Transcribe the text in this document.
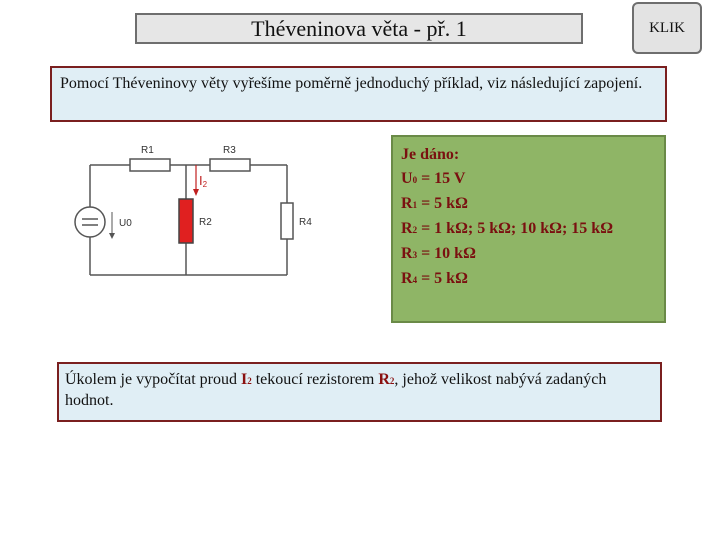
Théveninova věta - př. 1	KLIK
Pomocí Théveninovy věty vyřešíme poměrně jednoduchý příklad, viz následující zapojení.
R1	R3
U0	R2
I2
R4
Je dáno:
U0 = 15 V
R1 = 5 kΩ
R2 = 1 kΩ; 5 kΩ; 10 kΩ; 15 kΩ
R3 = 10 kΩ
R4 = 5 kΩ
Úkolem je vypočítat proud I2 tekoucí rezistorem R2, jehož velikost nabývá zadaných hodnot.
